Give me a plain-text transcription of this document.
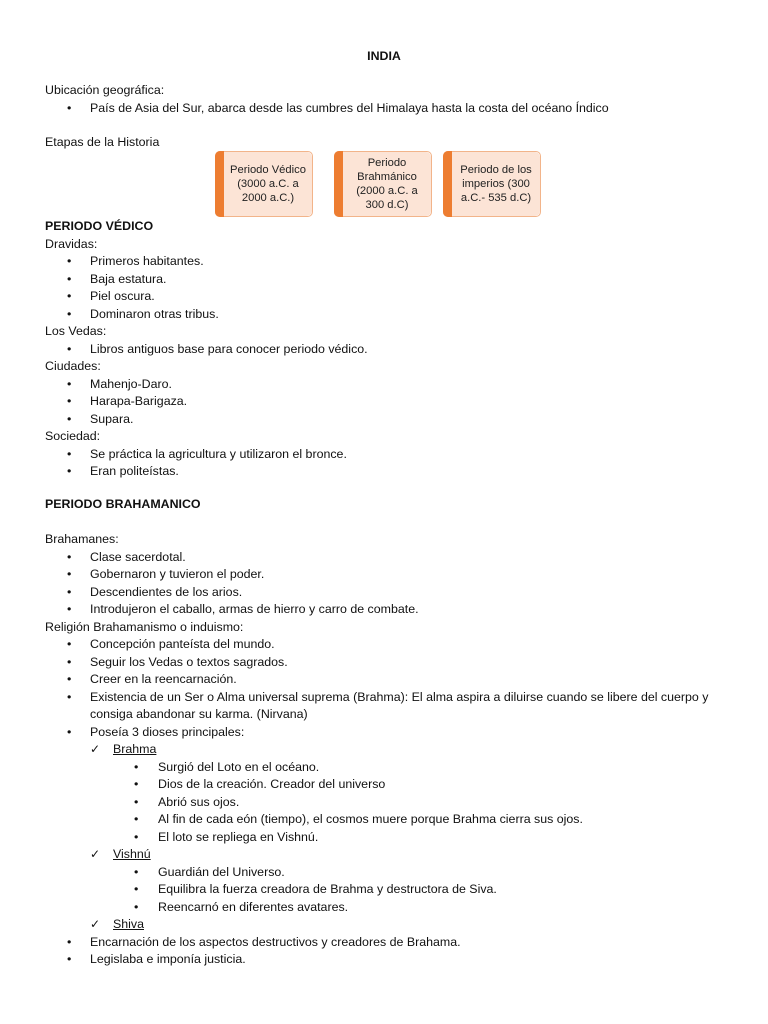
INDIA
Ubicación geográfica:
• País de Asia del Sur, abarca desde las cumbres del Himalaya hasta la costa del océano Índico
Etapas de la Historia
Periodo Védico (3000 a.C. a 2000 a.C.)
Periodo Brahmánico (2000 a.C. a 300 d.C)
Periodo de los imperios (300 a.C.- 535 d.C)
PERIODO VÉDICO
Dravidas:
• Primeros habitantes.
• Baja estatura.
• Piel oscura.
• Dominaron otras tribus.
Los Vedas:
• Libros antiguos base para conocer periodo védico.
Ciudades:
• Mahenjo-Daro.
• Harapa-Barigaza.
• Supara.
Sociedad:
• Se práctica la agricultura y utilizaron el bronce.
• Eran politeístas.
PERIODO BRAHAMANICO
Brahamanes:
• Clase sacerdotal.
• Gobernaron y tuvieron el poder.
• Descendientes de los arios.
• Introdujeron el caballo, armas de hierro y carro de combate.
Religión Brahamanismo o induismo:
• Concepción panteísta del mundo.
• Seguir los Vedas o textos sagrados.
• Creer en la reencarnación.
• Existencia de un Ser o Alma universal suprema (Brahma): El alma aspira a diluirse cuando se libere del cuerpo y consiga abandonar su karma. (Nirvana)
• Poseía 3 dioses principales:
✓ Brahma
• Surgió del Loto en el océano.
• Dios de la creación. Creador del universo
• Abrió sus ojos.
• Al fin de cada eón (tiempo), el cosmos muere porque Brahma cierra sus ojos.
• El loto se repliega en Vishnú.
✓ Vishnú
• Guardián del Universo.
• Equilibra la fuerza creadora de Brahma y destructora de Siva.
• Reencarnó en diferentes avatares.
✓ Shiva
• Encarnación de los aspectos destructivos y creadores de Brahama.
• Legislaba e imponía justicia.
